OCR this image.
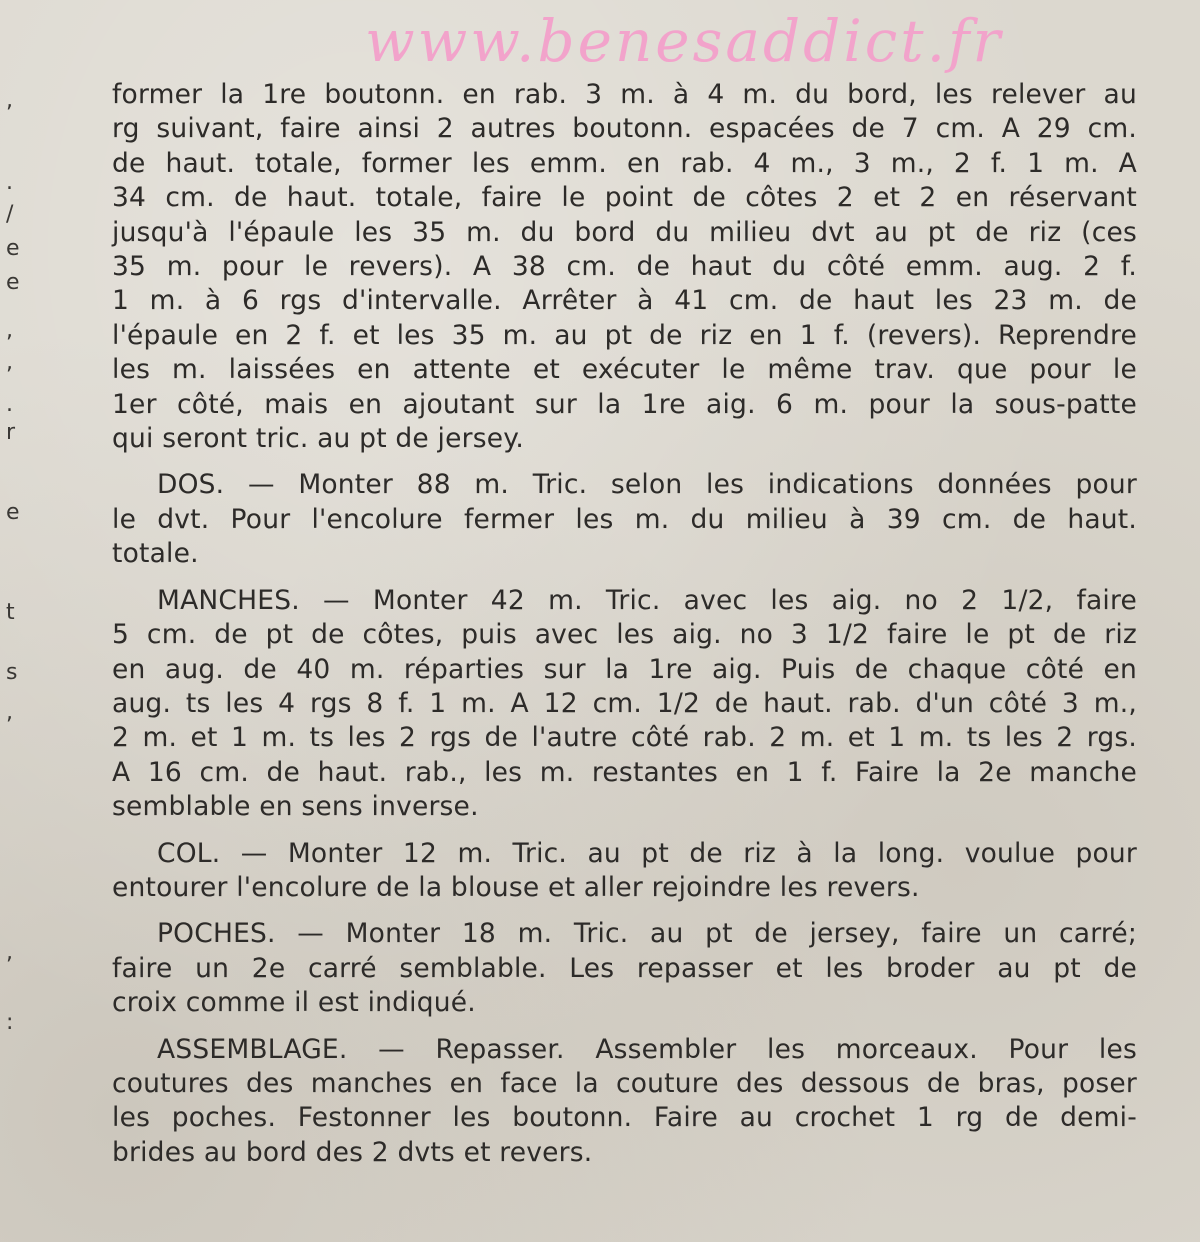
www.benesaddict.fr
,
.
/
e
e
,
,
.
r
e
t
s
,
,
:
former la 1re boutonn. en rab. 3 m. à 4 m. du bord, les relever au
rg suivant, faire ainsi 2 autres boutonn. espacées de 7 cm. A 29 cm.
de haut. totale, former les emm. en rab. 4 m., 3 m., 2 f. 1 m. A
34 cm. de haut. totale, faire le point de côtes 2 et 2 en réservant
jusqu'à l'épaule les 35 m. du bord du milieu dvt au pt de riz (ces
35 m. pour le revers). A 38 cm. de haut du côté emm. aug. 2 f.
1 m. à 6 rgs d'intervalle. Arrêter à 41 cm. de haut les 23 m. de
l'épaule en 2 f. et les 35 m. au pt de riz en 1 f. (revers). Reprendre
les m. laissées en attente et exécuter le même trav. que pour le
1er côté, mais en ajoutant sur la 1re aig. 6 m. pour la sous-patte
qui seront tric. au pt de jersey.
DOS. — Monter 88 m. Tric. selon les indications données pour
le dvt. Pour l'encolure fermer les m. du milieu à 39 cm. de haut.
totale.
MANCHES. — Monter 42 m. Tric. avec les aig. no 2 1/2, faire
5 cm. de pt de côtes, puis avec les aig. no 3 1/2 faire le pt de riz
en aug. de 40 m. réparties sur la 1re aig. Puis de chaque côté en
aug. ts les 4 rgs 8 f. 1 m. A 12 cm. 1/2 de haut. rab. d'un côté 3 m.,
2 m. et 1 m. ts les 2 rgs de l'autre côté rab. 2 m. et 1 m. ts les 2 rgs.
A 16 cm. de haut. rab., les m. restantes en 1 f. Faire la 2e manche
semblable en sens inverse.
COL. — Monter 12 m. Tric. au pt de riz à la long. voulue pour
entourer l'encolure de la blouse et aller rejoindre les revers.
POCHES. — Monter 18 m. Tric. au pt de jersey, faire un carré;
faire un 2e carré semblable. Les repasser et les broder au pt de
croix comme il est indiqué.
ASSEMBLAGE. — Repasser. Assembler les morceaux. Pour les
coutures des manches en face la couture des dessous de bras, poser
les poches. Festonner les boutonn. Faire au crochet 1 rg de demi-
brides au bord des 2 dvts et revers.
